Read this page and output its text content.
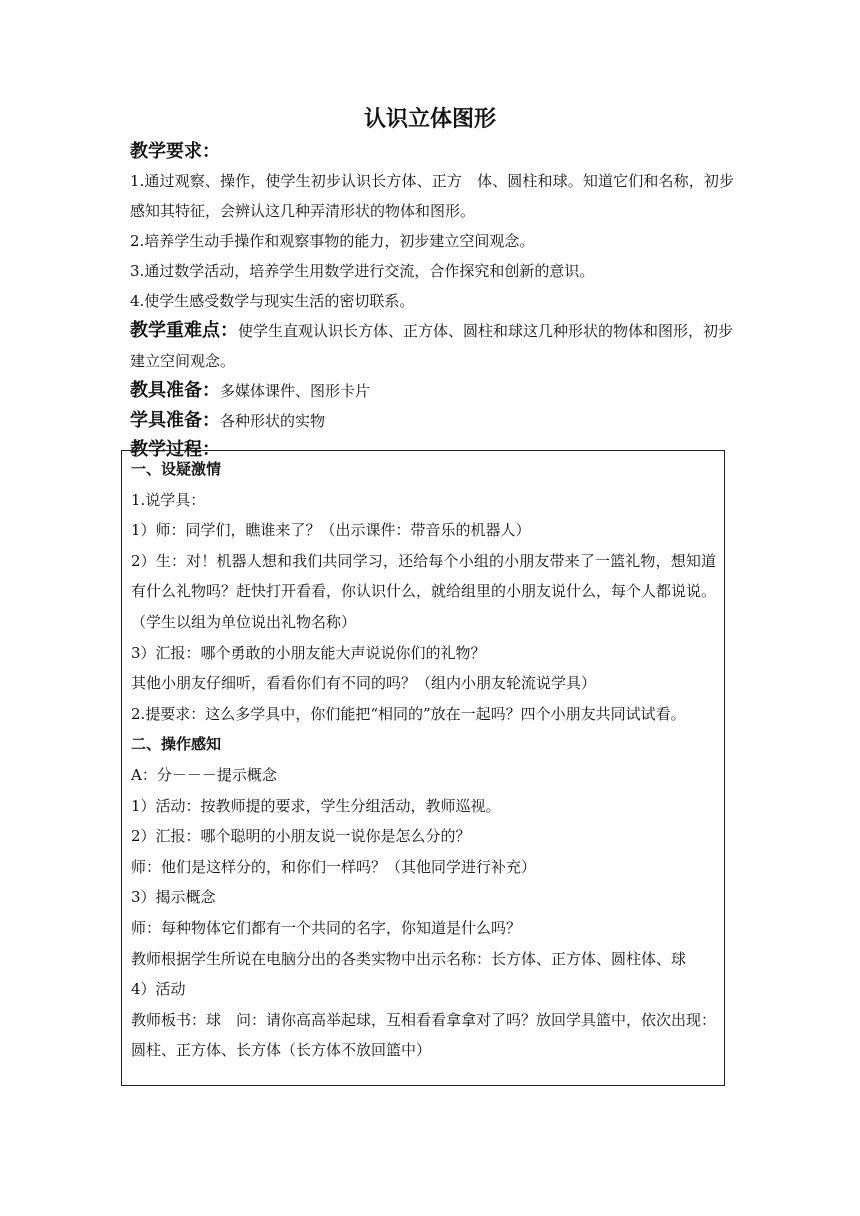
认识立体图形
教学要求：
1.通过观察、操作，使学生初步认识长方体、正方　体、圆柱和球。知道它们和名称，初步感知其特征，会辨认这几种弄清形状的物体和图形。
2.培养学生动手操作和观察事物的能力，初步建立空间观念。
3.通过数学活动，培养学生用数学进行交流，合作探究和创新的意识。
4.使学生感受数学与现实生活的密切联系。
教学重难点：使学生直观认识长方体、正方体、圆柱和球这几种形状的物体和图形，初步建立空间观念。
教具准备：多媒体课件、图形卡片
学具准备：各种形状的实物
教学过程：
一、设疑激情
1.说学具：
1）师：同学们，瞧谁来了？（出示课件：带音乐的机器人）
2）生：对！机器人想和我们共同学习，还给每个小组的小朋友带来了一篮礼物，想知道有什么礼物吗？赶快打开看看，你认识什么，就给组里的小朋友说什么，每个人都说说。（学生以组为单位说出礼物名称）
3）汇报：哪个勇敢的小朋友能大声说说你们的礼物？
其他小朋友仔细听，看看你们有不同的吗？（组内小朋友轮流说学具）
2.提要求：这么多学具中，你们能把“相同的”放在一起吗？四个小朋友共同试试看。
二、操作感知
A：分－－－提示概念
1）活动：按教师提的要求，学生分组活动，教师巡视。
2）汇报：哪个聪明的小朋友说一说你是怎么分的？
师：他们是这样分的，和你们一样吗？（其他同学进行补充）
3）揭示概念
师：每种物体它们都有一个共同的名字，你知道是什么吗？
教师根据学生所说在电脑分出的各类实物中出示名称：长方体、正方体、圆柱体、球
4）活动
教师板书：球　问：请你高高举起球，互相看看拿拿对了吗？放回学具篮中，依次出现：圆柱、正方体、长方体（长方体不放回篮中）
